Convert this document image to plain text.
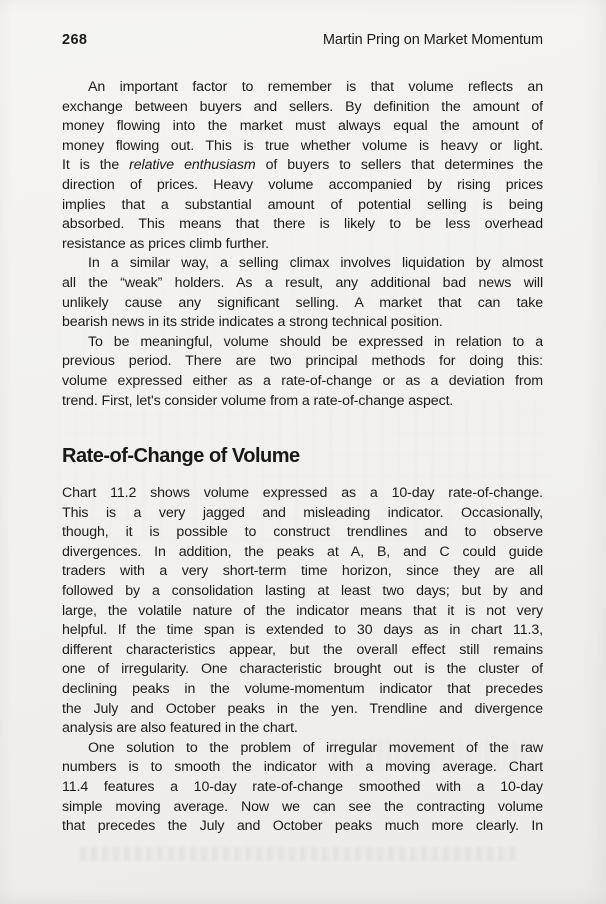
268	Martin Pring on Market Momentum
An important factor to remember is that volume reflects an
exchange between buyers and sellers. By definition the amount of
money flowing into the market must always equal the amount of
money flowing out. This is true whether volume is heavy or light.
It is the relative enthusiasm of buyers to sellers that determines the
direction of prices. Heavy volume accompanied by rising prices
implies that a substantial amount of potential selling is being
absorbed. This means that there is likely to be less overhead
resistance as prices climb further.
In a similar way, a selling climax involves liquidation by almost
all the “weak” holders. As a result, any additional bad news will
unlikely cause any significant selling. A market that can take
bearish news in its stride indicates a strong technical position.
To be meaningful, volume should be expressed in relation to a
previous period. There are two principal methods for doing this:
volume expressed either as a rate-of-change or as a deviation from
trend. First, let's consider volume from a rate-of-change aspect.
Rate-of-Change of Volume
Chart 11.2 shows volume expressed as a 10-day rate-of-change.
This is a very jagged and misleading indicator. Occasionally,
though, it is possible to construct trendlines and to observe
divergences. In addition, the peaks at A, B, and C could guide
traders with a very short-term time horizon, since they are all
followed by a consolidation lasting at least two days; but by and
large, the volatile nature of the indicator means that it is not very
helpful. If the time span is extended to 30 days as in chart 11.3,
different characteristics appear, but the overall effect still remains
one of irregularity. One characteristic brought out is the cluster of
declining peaks in the volume-momentum indicator that precedes
the July and October peaks in the yen. Trendline and divergence
analysis are also featured in the chart.
One solution to the problem of irregular movement of the raw
numbers is to smooth the indicator with a moving average. Chart
11.4 features a 10-day rate-of-change smoothed with a 10-day
simple moving average. Now we can see the contracting volume
that precedes the July and October peaks much more clearly. In
